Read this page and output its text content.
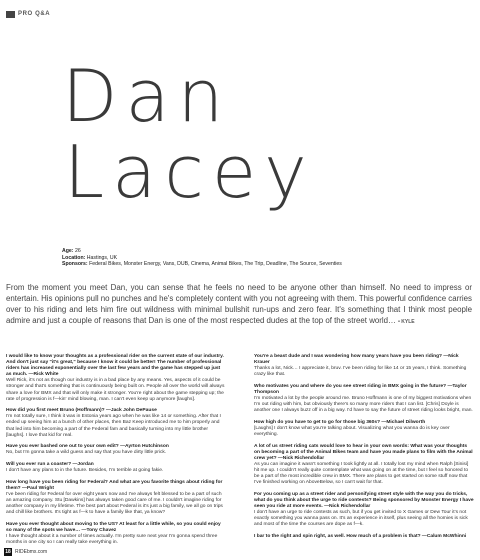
PRO Q&A
Dan
Lacey
Age: 26
Location: Hastings, UK
Sponsors: Federal Bikes, Monster Energy, Vans, DUB, Cinema, Animal Bikes, The Trip, Deadline, The Source, Seventies
From the moment you meet Dan, you can sense that he feels no need to be anyone other than himself. No need to impress or entertain. His opinions pull no punches and he's completely content with you not agreeing with them. This powerful confidence carries over to his riding and lets him fire out wildness with minimal bullshit run-ups and zero fear. It's something that I think most people admire and just a couple of reasons that Dan is one of the most respected dudes at the top of the street world… • KYLE
I would like to know your thoughts as a professional rider on the current state of our industry. And don't just say "it's great," because I know it could be better! The number of professional riders has increased exponentially over the last few years and the game has stepped up just as much. —Rick White
Well Rick, it's not as though our industry is in a bad place by any means. Yes, aspects of it could be stronger and that's something that is continuously being built on. People all over the world will always share a love for BMX and that will only make it stronger. You're right about the game stepping up; the rate of progression is f—kin' mind blowing, man. I can't even keep up anymore [laughs].
How did you first meet Bruno (Hoffmann)? —Jack John DePause
I'm not totally sure, I think it was in Estonia years ago when he was like 14 or something. After that I ended up seeing him at a bunch of other places, then Baz Keep introduced me to him properly and that led into him becoming a part of the Federal fam and basically turning into my little brother [laughs]. I love that kid for real.
Have you ever bashed one out to your own edit? —Ayrton Hutchinson
No, but I'm gonna take a wild guess and say that you have dirty little prick.
Will you ever run a coaster? —Jordan
I don't have any plans to in the future. Besides, I'm terrible at going fakie.
How long have you been riding for Federal? And what are you favorite things about riding for them? —Paul Wright
I've been riding for Federal for over eight years now and I've always felt blessed to be a part of such an amazing company. Stu [Dawkins] has always taken good care of me. I couldn't imagine riding for another company in my lifetime. The best part about Federal is it's just a big family, we all go on trips and chill like brothers. It's tight as f—k to have a family like that, ya know?
Have you ever thought about moving to the US? At least for a little while, so you could enjoy so many of the spots we have… —Tony Chavez
I have thought about it a number of times actually. I'm pretty sure next year I'm gonna spend three months in one city so I can really take everything in.
You're a beast dude and I was wondering how many years have you been riding? —Nick Krauer
Thanks a lot, Nick… I appreciate it, bruv. I've been riding for like 14 or 15 years, I think. Something crazy like that.
Who motivates you and where do you see street riding in BMX going in the future? —Taylor Thompson
I'm motivated a lot by the people around me. Bruno Hoffmann is one of my biggest motivations when I'm out riding with him, but obviously there's so many more riders that I can list. [Chris] Doyle is another one I always buzz off in a big way. I'd have to say the future of street riding looks bright, man.
How high do you have to get to go for those big 360s? —Michael Dilworth
[Laughs] I don't know what you're talking about. Visualizing what you wanna do is key over everything.
A lot of us street riding cats would love to hear in your own words: What was your thoughts on becoming a part of the Animal Bikes team and have you made plans to film with the Animal crew yet? —Nick Richendollar
As you can imagine it wasn't something I took lightly at all. I totally lost my mind when Ralph [Sinisi] hit me up. I couldn't really quite contemplate what was going on at the time, but I feel so honored to be a part of the most incredible crew in BMX. There are plans to get started on some stuff now that I've finished working on AboveBelow, so I can't wait for that.
For you coming up as a street rider and personifying street style with the way you do tricks, what do you think about the urge to ride contests? Being sponsored by Monster Energy I have seen you ride at more events. —Nick Richendollar
I don't have an urge to ride contests as such, but if you get invited to X Games or Dew Tour it's not exactly something you wanna pass on. It's an experience in itself, plus seeing all the homies is sick and most of the time the courses are dope as f—k.
I bar to the right and spin right, as well. How much of a problem is that? —Calum McWhinni
18 RIDEbmx.com
